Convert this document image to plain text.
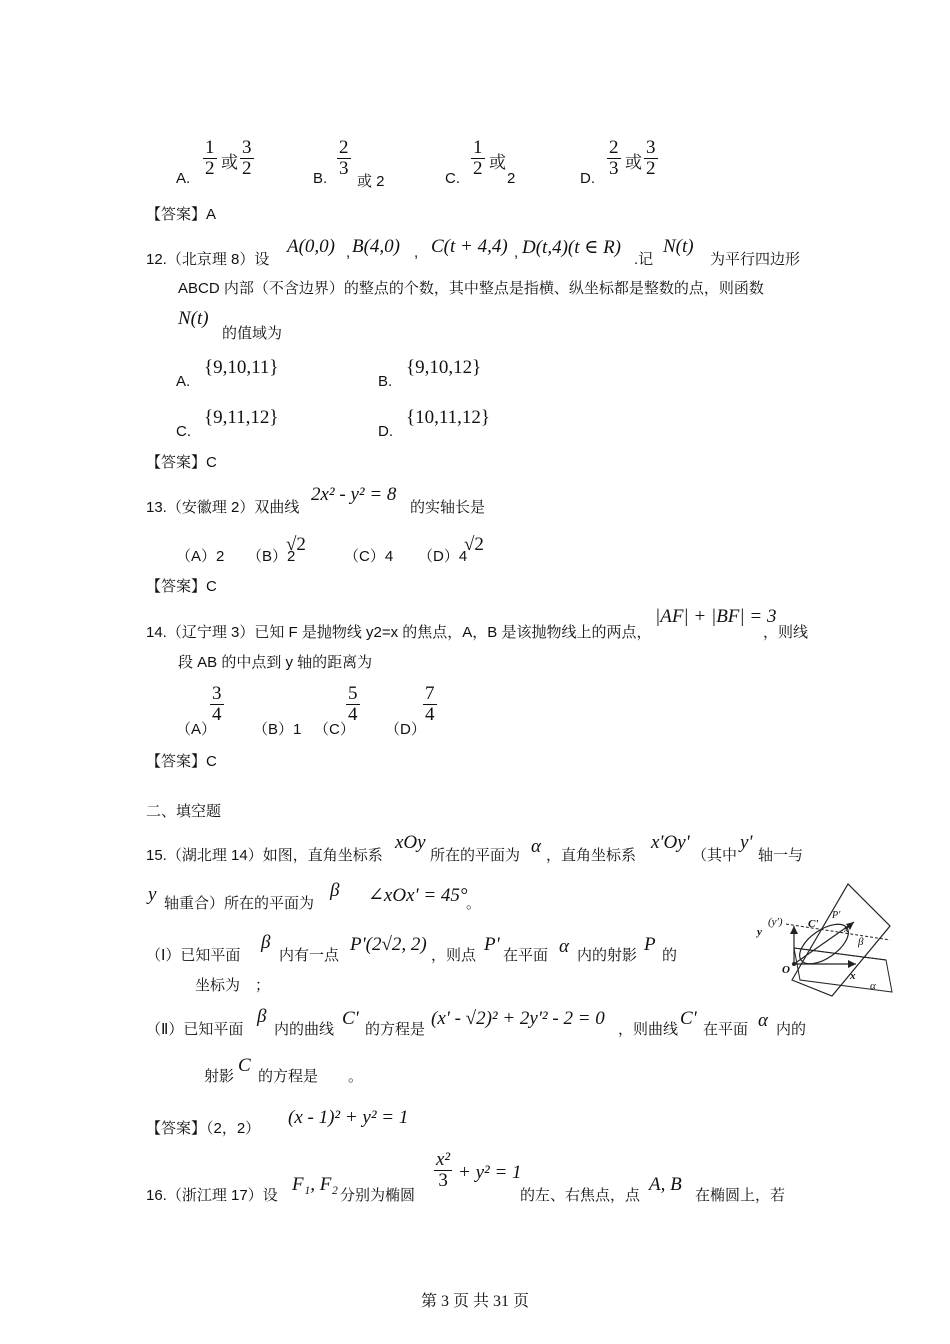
A. $\frac{1}{2}$ 或 $\frac{3}{2}$	B. $\frac{2}{3}$
或 2	C. $\frac{1}{2}$ 或
2	D. $\frac{2}{3}$ 或 $\frac{3}{2}$
【答案】A
12.（北京理 8）设
A(0,0) , B(4,0) , C(t + 4,4) , D(t,4)(t ∈ R)
.记
N(t)
为平行四边形
ABCD 内部（不含边界）的整点的个数，其中整点是指横、纵坐标都是整数的点，则函数
N(t)
的值域为
A.
{9,10,11}
B.
{9,10,12}
C.
{9,11,12}
D.
{10,11,12}
【答案】C
13.（安徽理 2）双曲线
2x² - y² = 8
的实轴长是
（A）2 （B）2
√2
（C）4 （D）4
√2
【答案】C
14.（辽宁理 3）已知 F 是抛物线 y2=x 的焦点，A，B 是该抛物线上的两点，
|AF| + |BF| = 3
，则线
段 AB 的中点到 y 轴的距离为
（A）
$\frac{3}{4}$
（B）1 （C）
$\frac{5}{4}$
（D）
$\frac{7}{4}$
【答案】C
二、填空题
15.（湖北理 14）如图，直角坐标系
xOy
所在的平面为 α ，直角坐标系
x'Oy'
（其中
y'
轴一与
y 轴重合）所在的平面为
β ∠xOx' = 45°
。
（Ⅰ）已知平面
β
内有一点
P'(2√2, 2)
，则点
P'
在平面 α 内的射影
P
的
坐标为　；
（Ⅱ）已知平面
β
内的曲线
C'
的方程是
(x' - √2)² + 2y'² - 2 = 0
，则曲线
C'
在平面 α 内的
射影
C
的方程是　　。
【答案】（2，2）
(x - 1)² + y² = 1
y
(y') C'
P'
x'
β
O	x
α
16.（浙江理 17）设
F₁, F₂
分别为椭圆
$\frac{\text{x²}}{3} + y^2 = 1$
的左、右焦点，点
A, B
在椭圆上，若
第 3 页 共 31 页
